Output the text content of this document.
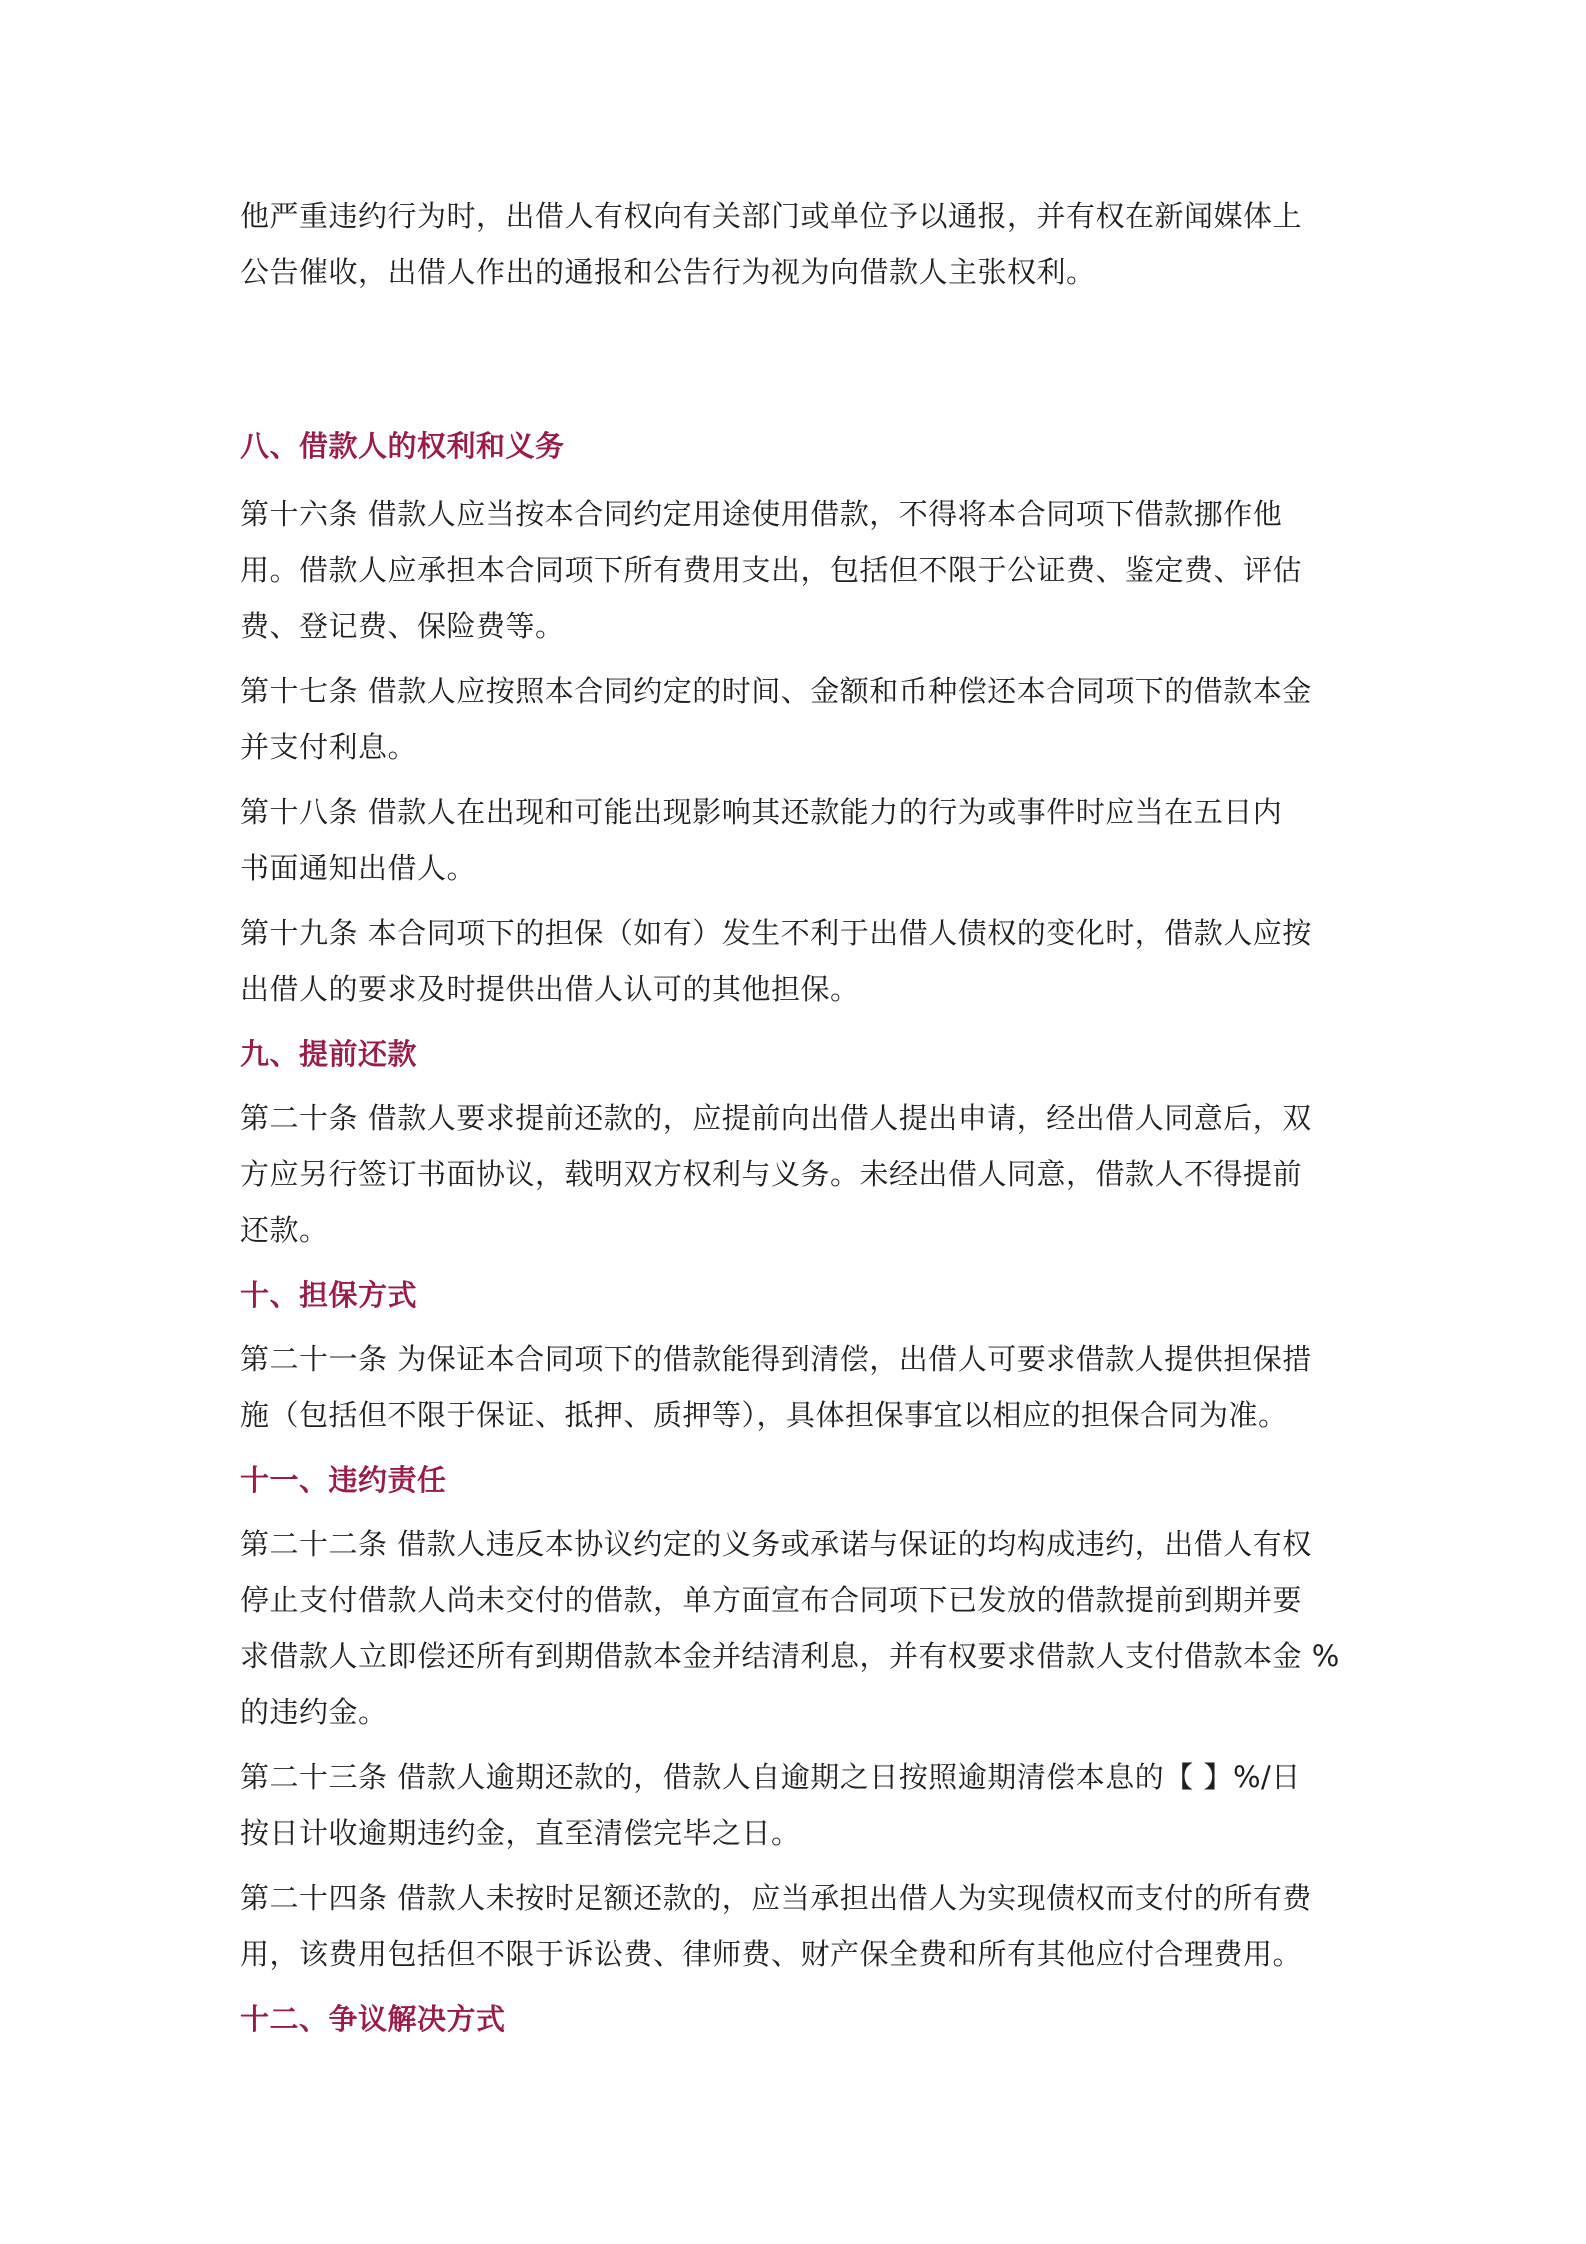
他严重违约行为时，出借人有权向有关部门或单位予以通报，并有权在新闻媒体上
公告催收，出借人作出的通报和公告行为视为向借款人主张权利。
八、借款人的权利和义务
第十六条 借款人应当按本合同约定用途使用借款，不得将本合同项下借款挪作他
用。借款人应承担本合同项下所有费用支出，包括但不限于公证费、鉴定费、评估
费、登记费、保险费等。
第十七条 借款人应按照本合同约定的时间、金额和币种偿还本合同项下的借款本金
并支付利息。
第十八条 借款人在出现和可能出现影响其还款能力的行为或事件时应当在五日内
书面通知出借人。
第十九条 本合同项下的担保（如有）发生不利于出借人债权的变化时，借款人应按
出借人的要求及时提供出借人认可的其他担保。
九、提前还款
第二十条 借款人要求提前还款的，应提前向出借人提出申请，经出借人同意后，双
方应另行签订书面协议，载明双方权利与义务。未经出借人同意，借款人不得提前
还款。
十、担保方式
第二十一条 为保证本合同项下的借款能得到清偿，出借人可要求借款人提供担保措
施（包括但不限于保证、抵押、质押等），具体担保事宜以相应的担保合同为准。
十一、违约责任
第二十二条 借款人违反本协议约定的义务或承诺与保证的均构成违约，出借人有权
停止支付借款人尚未交付的借款，单方面宣布合同项下已发放的借款提前到期并要
求借款人立即偿还所有到期借款本金并结清利息，并有权要求借款人支付借款本金 %
的违约金。
第二十三条 借款人逾期还款的，借款人自逾期之日按照逾期清偿本息的【 】%/日
按日计收逾期违约金，直至清偿完毕之日。
第二十四条 借款人未按时足额还款的，应当承担出借人为实现债权而支付的所有费
用，该费用包括但不限于诉讼费、律师费、财产保全费和所有其他应付合理费用。
十二、争议解决方式
